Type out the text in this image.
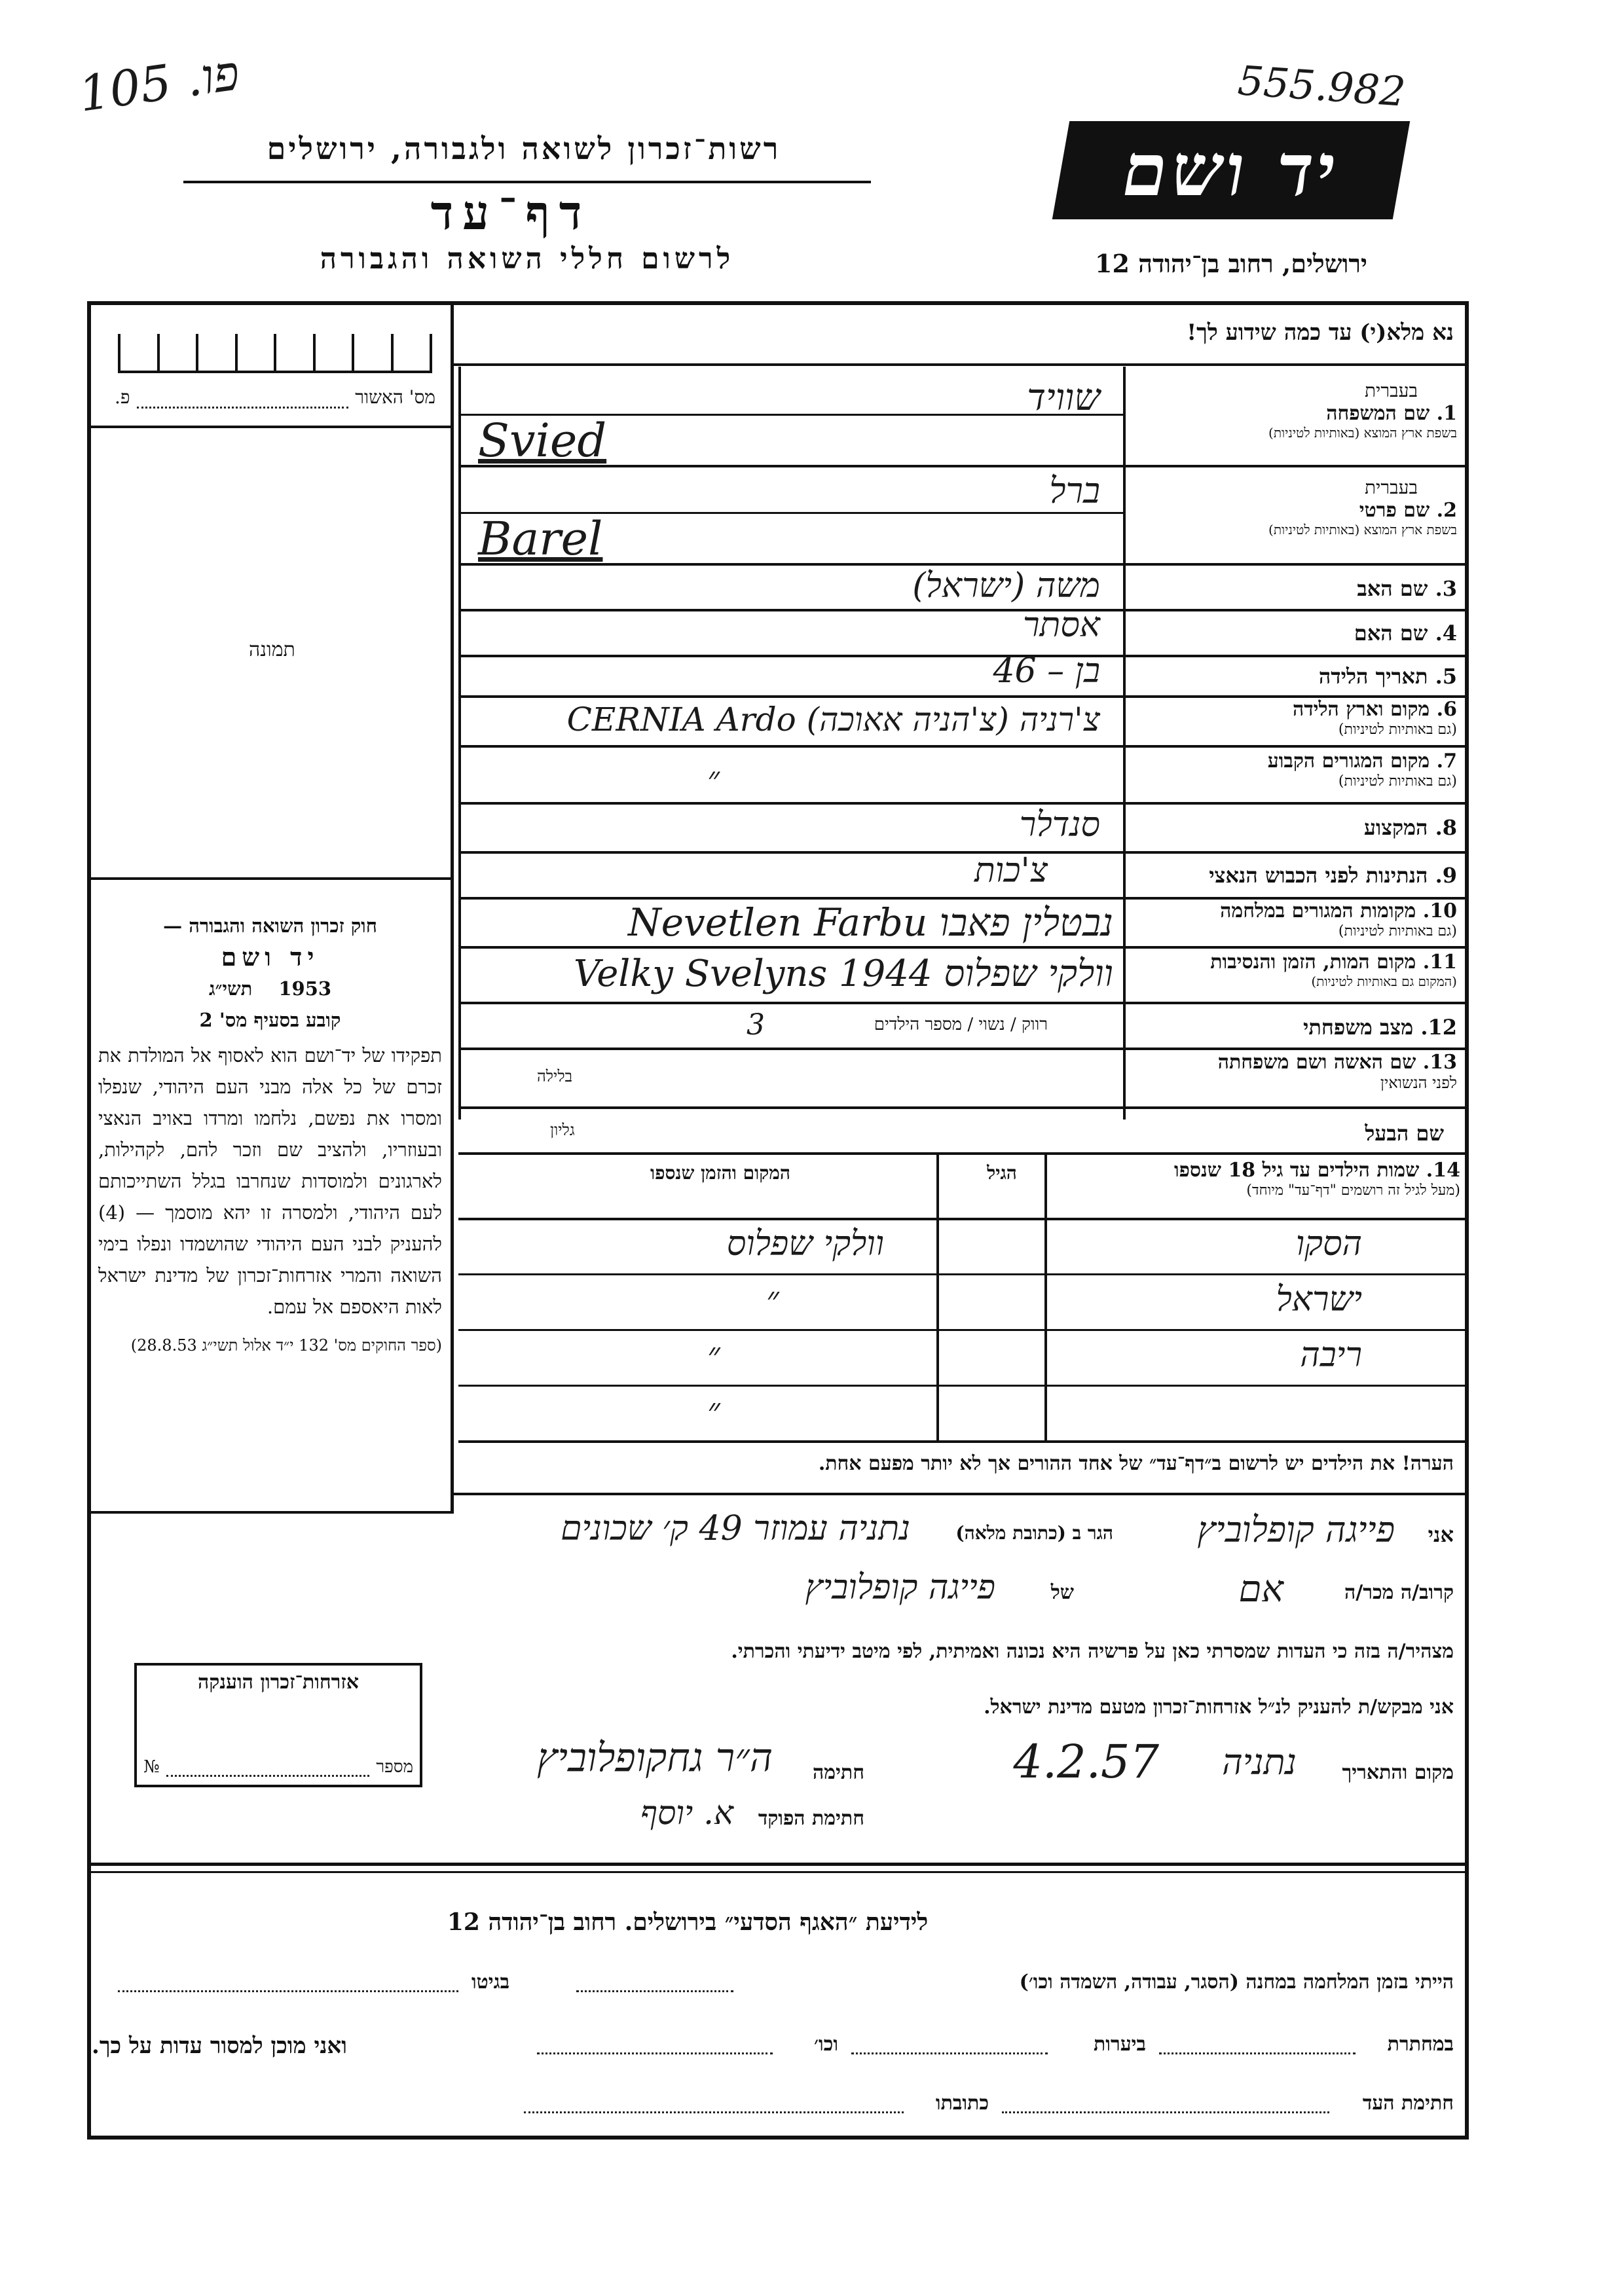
פו. 105	555.982
רשות־זכרון לשואה ולגבורה, ירושלים
דף־עד
לרשום חללי השואה והגבורה
יד ושם
ירושלים, רחוב בן־יהודה 12
מס' האשור
פ.
תמונה
חוק זכרון השואה והגבורה —
יד ושם
1953
תשי״ג
קובע בסעיף מס' 2
תפקידו של יד־ושם הוא לאסוף אל המולדת את זכרם של כל אלה מבני העם היהודי, שנפלו ומסרו את נפשם, נלחמו ומרדו באויב הנאצי ובעוזריו, ולהציב שם וזכר להם, לקהילות, לארגונים ולמוסדות שנחרבו בגלל השתייכותם לעם היהודי, ולמסרה זו יהא מוסמך — (4) להעניק לבני העם היהודי שהושמדו ונפלו בימי השואה והמרי אזרחות־זכרון של מדינת ישראל לאות היאספם אל עמם.
(ספר החוקים מס' 132 י״ד אלול תשי״ג 28.8.53)
נא מלא(י) עד כמה שידוע לך!
בעברית
1. שם המשפחה
בשפת ארץ המוצא (באותיות לטיניות)
שוויד
Svied
בעברית
2. שם פרטי
בשפת ארץ המוצא (באותיות לטיניות)
ברל
Barel
3. שם האב
משה (ישראל)
4. שם האם
אסתר
5. תאריך הלידה
בן – 46
6. מקום וארץ הלידה
(גם באותיות לטיניות)
צ'רניה (צ'הניה אאוכה) CERNIA Ardo
7. מקום המגורים הקבוע
(גם באותיות לטיניות)
״
8. המקצוע
סנדלר
9. הנתינות לפני הכבוש הנאצי
צ'כות
10. מקומות המגורים במלחמה
(גם באותיות לטיניות)
נבטלין פאבו Nevetlen Farbu
11. מקום המות, הזמן והנסיבות
(המקום גם באותיות לטיניות)
וולקי שפלוס Velky Svelyns 1944
12. מצב משפחתי
רווק / נשוי / מספר הילדים
3
13. שם האשה ושם משפחתה
לפני הנשואין
בלילה
שם הבעל
גליון
14. שמות הילדים עד גיל 18 שנספו
(מעל לגיל זה רושמים "דף־עד" מיוחד)
הגיל
המקום והזמן שנספו
הסקו
וולקי שפלוס
ישראל
״
ריבה
״
״
הערה! את הילדים יש לרשום ב״דף־עד״ של אחד ההורים אך לא יותר מפעם אחת.
אני
פייגה קופלוביץ
הגר ב (כתובת מלאה)
נתניה עמוזר 49 ק׳ שכונים
קרוב/ה מכר/ה
אם
של
פייגה קופלוביץ
מצהיר/ה בזה כי העדות שמסרתי כאן על פרשיה היא נכונה ואמיתית, לפי מיטב ידיעתי והכרתי.
אני מבקש/ת להעניק לנ״ל אזרחות־זכרון מטעם מדינת ישראל.
מקום והתאריך
נתניה
4.2.57
חתימה
ה״ר גחקופלוביץ
חתימת הפוקד
א. יוסף
אזרחות־זכרון הוענקה
№	מספר
לידיעת ״האגף הסדעי״ בירושלים. רחוב בן־יהודה 12
הייתי בזמן המלחמה במחנה (הסגר, עבודה, השמדה וכו׳)
בגיטו
במחתרת
ביערות
וכו׳
ואני מוכן למסור עדות על כך.
חתימת העד
כתובתו
